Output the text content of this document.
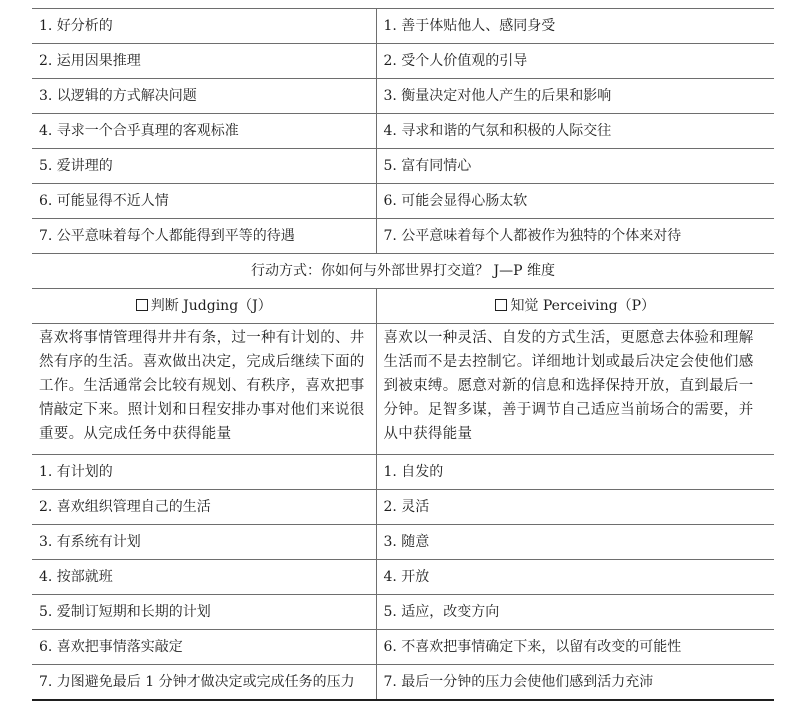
1. 好分析的	1. 善于体贴他人、感同身受
2. 运用因果推理	2. 受个人价值观的引导
3. 以逻辑的方式解决问题	3. 衡量决定对他人产生的后果和影响
4. 寻求一个合乎真理的客观标准	4. 寻求和谐的气氛和积极的人际交往
5. 爱讲理的	5. 富有同情心
6. 可能显得不近人情	6. 可能会显得心肠太软
7. 公平意味着每个人都能得到平等的待遇	7. 公平意味着每个人都被作为独特的个体来对待
行动方式：你如何与外部世界打交道？ J—P 维度	
判断 Judging（J）	知觉 Perceiving（P）
喜欢将事情管理得井井有条，过一种有计划的、井然有序的生活。喜欢做出决定，完成后继续下面的工作。生活通常会比较有规划、有秩序，喜欢把事情敲定下来。照计划和日程安排办事对他们来说很重要。从完成任务中获得能量	喜欢以一种灵活、自发的方式生活，更愿意去体验和理解生活而不是去控制它。详细地计划或最后决定会使他们感到被束缚。愿意对新的信息和选择保持开放，直到最后一分钟。足智多谋，善于调节自己适应当前场合的需要，并从中获得能量
1. 有计划的	1. 自发的
2. 喜欢组织管理自己的生活	2. 灵活
3. 有系统有计划	3. 随意
4. 按部就班	4. 开放
5. 爱制订短期和长期的计划	5. 适应，改变方向
6. 喜欢把事情落实敲定	6. 不喜欢把事情确定下来，以留有改变的可能性
7. 力图避免最后 1 分钟才做决定或完成任务的压力	7. 最后一分钟的压力会使他们感到活力充沛
